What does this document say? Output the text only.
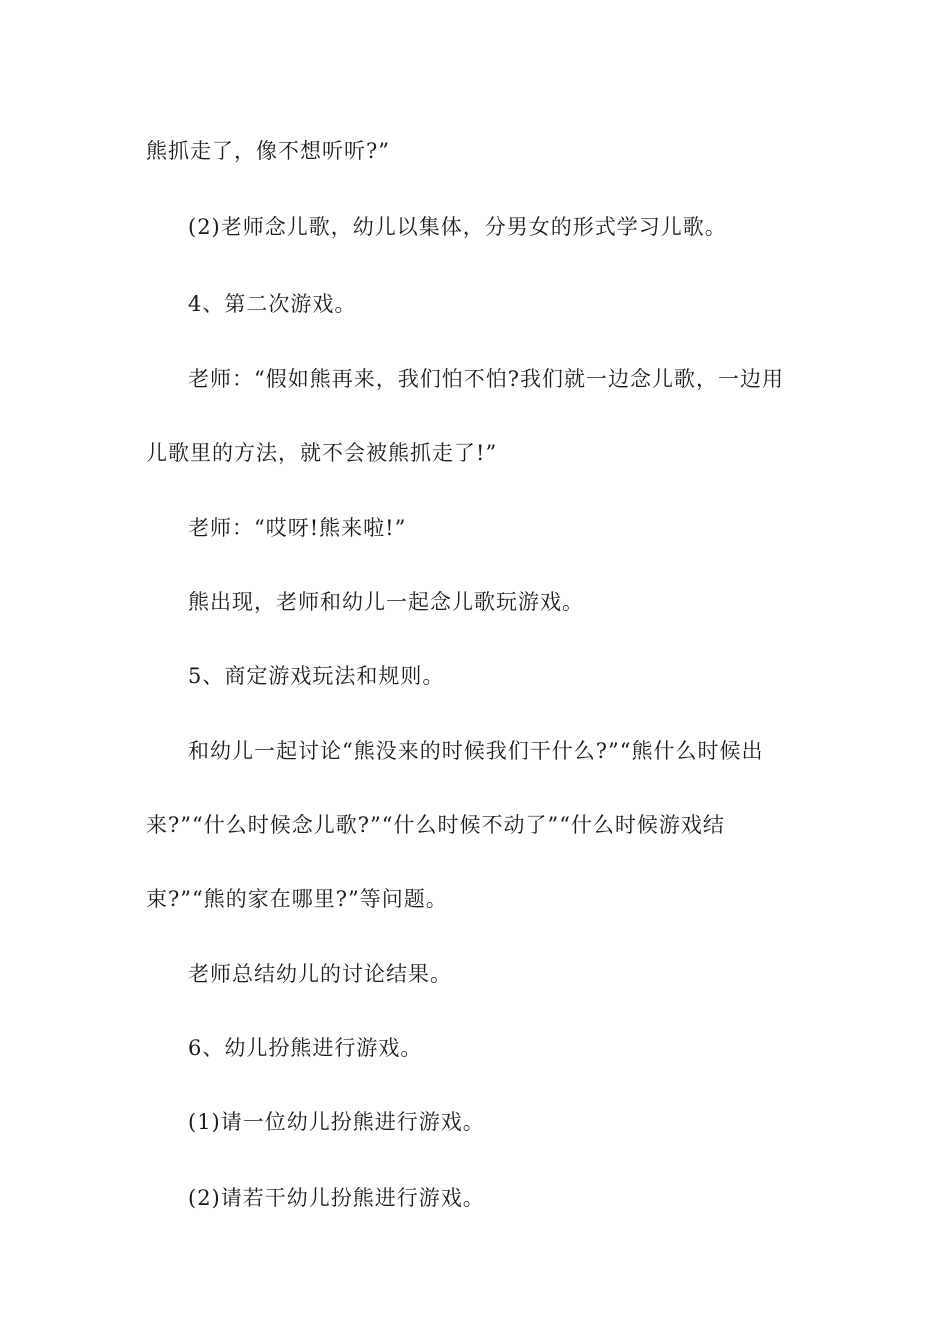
熊抓走了，像不想听听?”
(2)老师念儿歌，幼儿以集体，分男女的形式学习儿歌。
4、第二次游戏。
老师：“假如熊再来，我们怕不怕?我们就一边念儿歌，一边用
儿歌里的方法，就不会被熊抓走了!”
老师：“哎呀!熊来啦!”
熊出现，老师和幼儿一起念儿歌玩游戏。
5、商定游戏玩法和规则。
和幼儿一起讨论“熊没来的时候我们干什么?”“熊什么时候出
来?”“什么时候念儿歌?”“什么时候不动了”“什么时候游戏结
束?”“熊的家在哪里?”等问题。
老师总结幼儿的讨论结果。
6、幼儿扮熊进行游戏。
(1)请一位幼儿扮熊进行游戏。
(2)请若干幼儿扮熊进行游戏。
